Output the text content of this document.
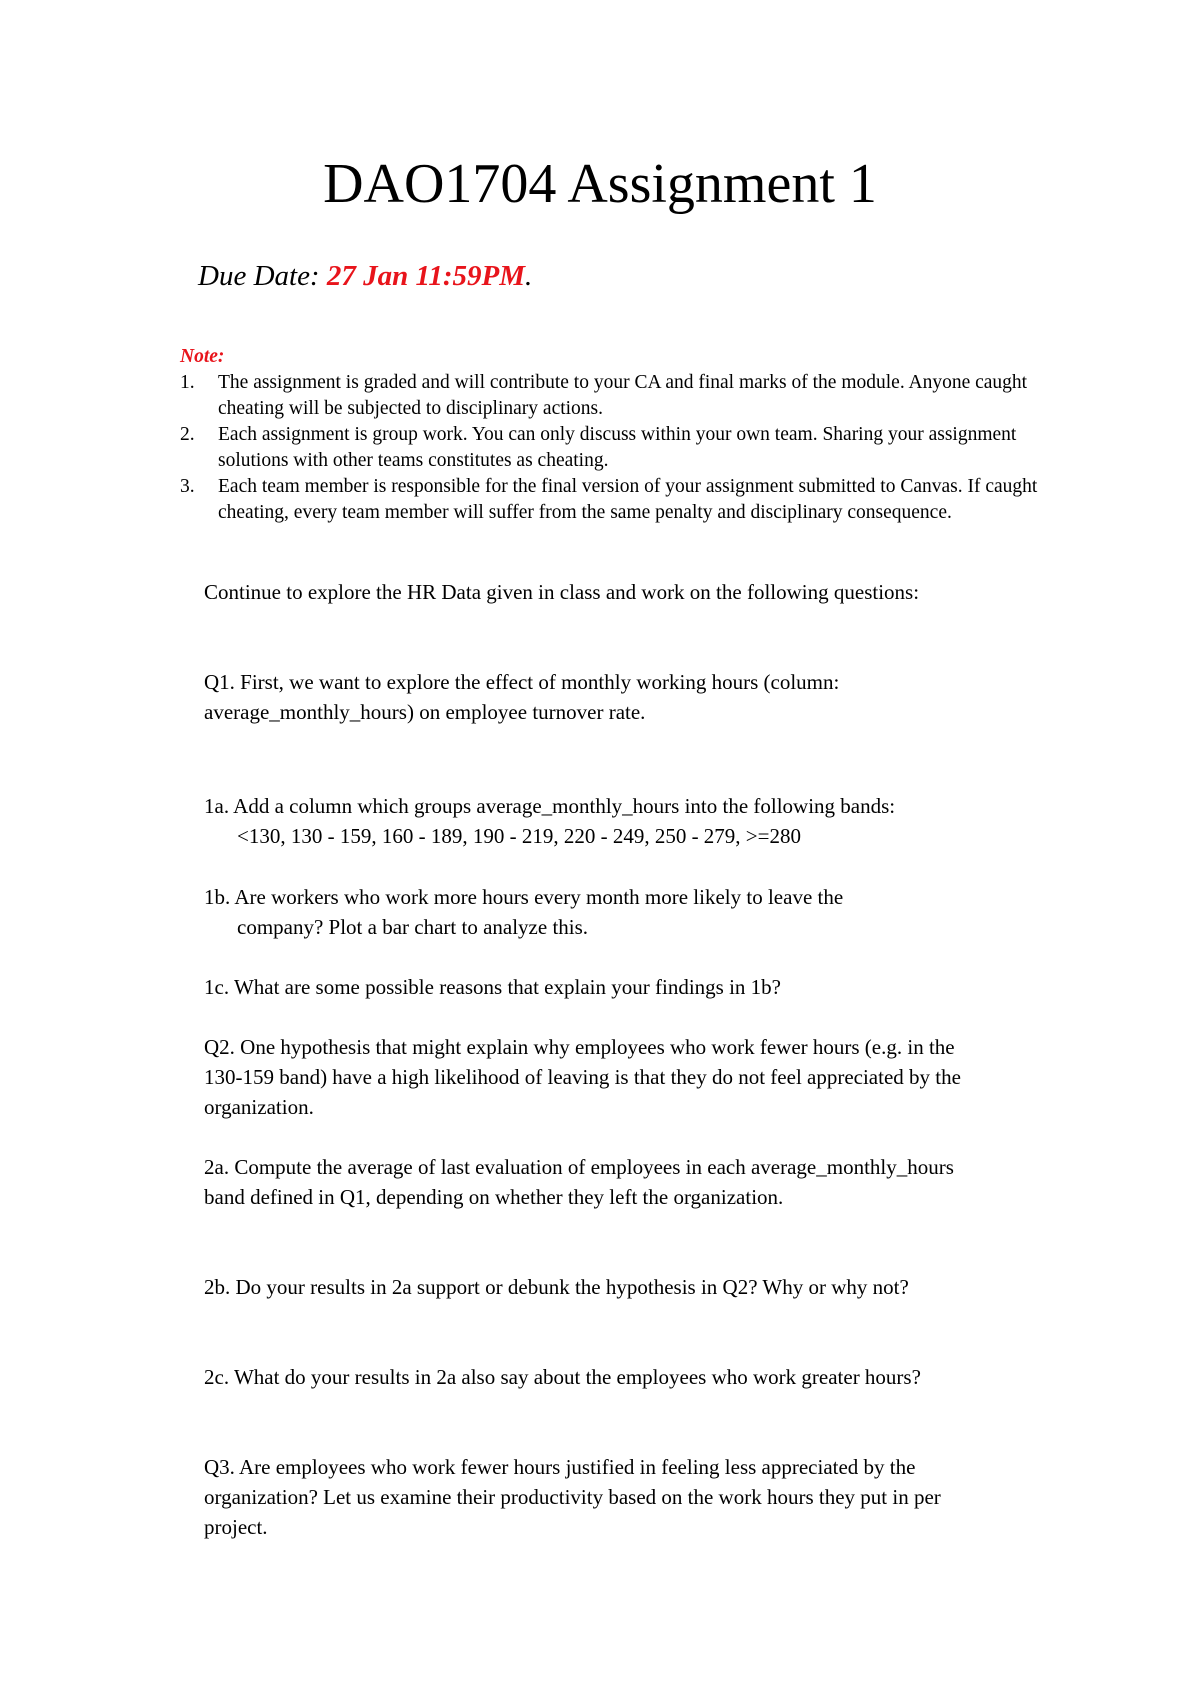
DAO1704 Assignment 1

Due Date: 27 Jan 11:59PM.

Note:

1. The assignment is graded and will contribute to your CA and final marks of the module. Anyone caught cheating will be subjected to disciplinary actions.
2. Each assignment is group work. You can only discuss within your own team. Sharing your assignment solutions with other teams constitutes as cheating.
3. Each team member is responsible for the final version of your assignment submitted to Canvas. If caught cheating, every team member will suffer from the same penalty and disciplinary consequence.

Continue to explore the HR Data given in class and work on the following questions:

Q1. First, we want to explore the effect of monthly working hours (column: average_monthly_hours) on employee turnover rate.

1a. Add a column which groups average_monthly_hours into the following bands:
<130, 130 - 159, 160 - 189, 190 - 219, 220 - 249, 250 - 279, >=280

1b. Are workers who work more hours every month more likely to leave the
company? Plot a bar chart to analyze this.

1c. What are some possible reasons that explain your findings in 1b?

Q2. One hypothesis that might explain why employees who work fewer hours (e.g. in the 130-159 band) have a high likelihood of leaving is that they do not feel appreciated by the organization.

2a. Compute the average of last evaluation of employees in each average_monthly_hours band defined in Q1, depending on whether they left the organization.

2b. Do your results in 2a support or debunk the hypothesis in Q2? Why or why not?

2c. What do your results in 2a also say about the employees who work greater hours?

Q3. Are employees who work fewer hours justified in feeling less appreciated by the organization? Let us examine their productivity based on the work hours they put in per project.
